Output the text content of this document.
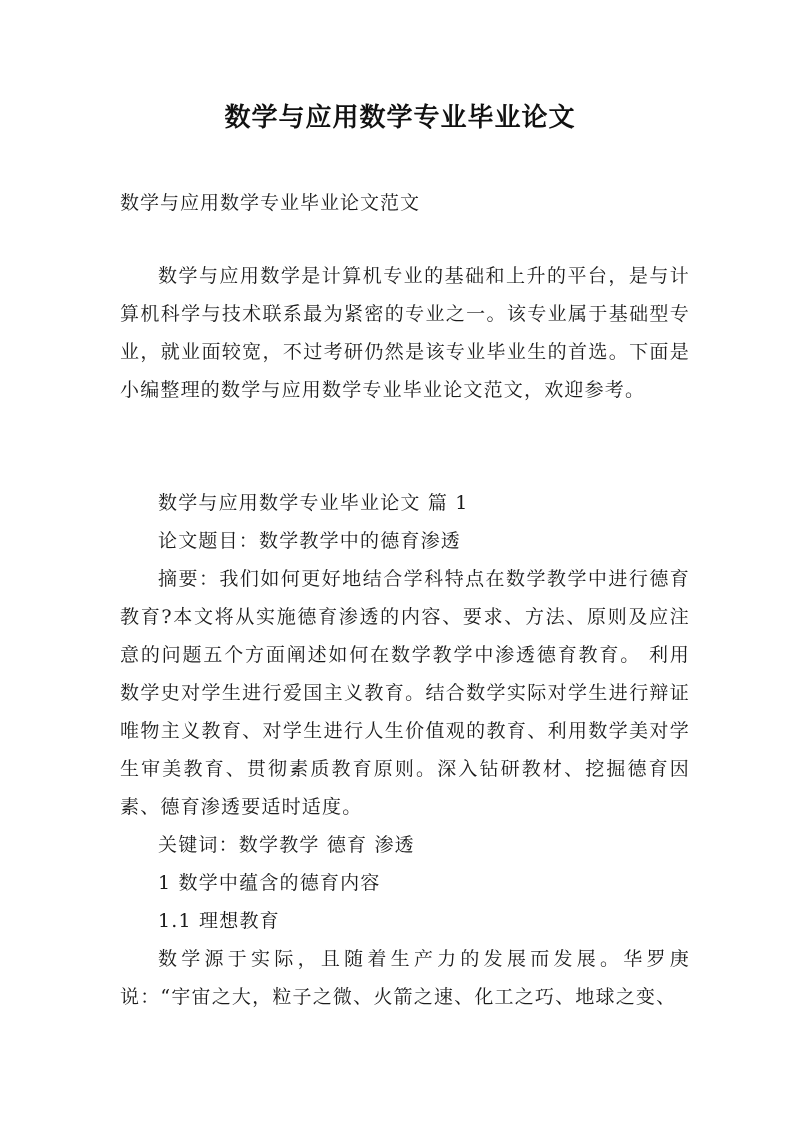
数学与应用数学专业毕业论文
数学与应用数学专业毕业论文范文

数学与应用数学是计算机专业的基础和上升的平台，是与计算机科学与技术联系最为紧密的专业之一。该专业属于基础型专业，就业面较宽，不过考研仍然是该专业毕业生的首选。下面是小编整理的数学与应用数学专业毕业论文范文，欢迎参考。

数学与应用数学专业毕业论文 篇 1

论文题目：数学教学中的德育渗透

摘要：我们如何更好地结合学科特点在数学教学中进行德育教育?本文将从实施德育渗透的内容、要求、方法、原则及应注意的问题五个方面阐述如何在数学教学中渗透德育教育。 利用数学史对学生进行爱国主义教育。结合数学实际对学生进行辩证唯物主义教育、对学生进行人生价值观的教育、利用数学美对学生审美教育、贯彻素质教育原则。深入钻研教材、挖掘德育因素、德育渗透要适时适度。

关键词：数学教学 德育 渗透

1 数学中蕴含的德育内容

1.1 理想教育

数学源于实际，且随着生产力的发展而发展。华罗庚说：“宇宙之大，粒子之微、火箭之速、化工之巧、地球之变、
